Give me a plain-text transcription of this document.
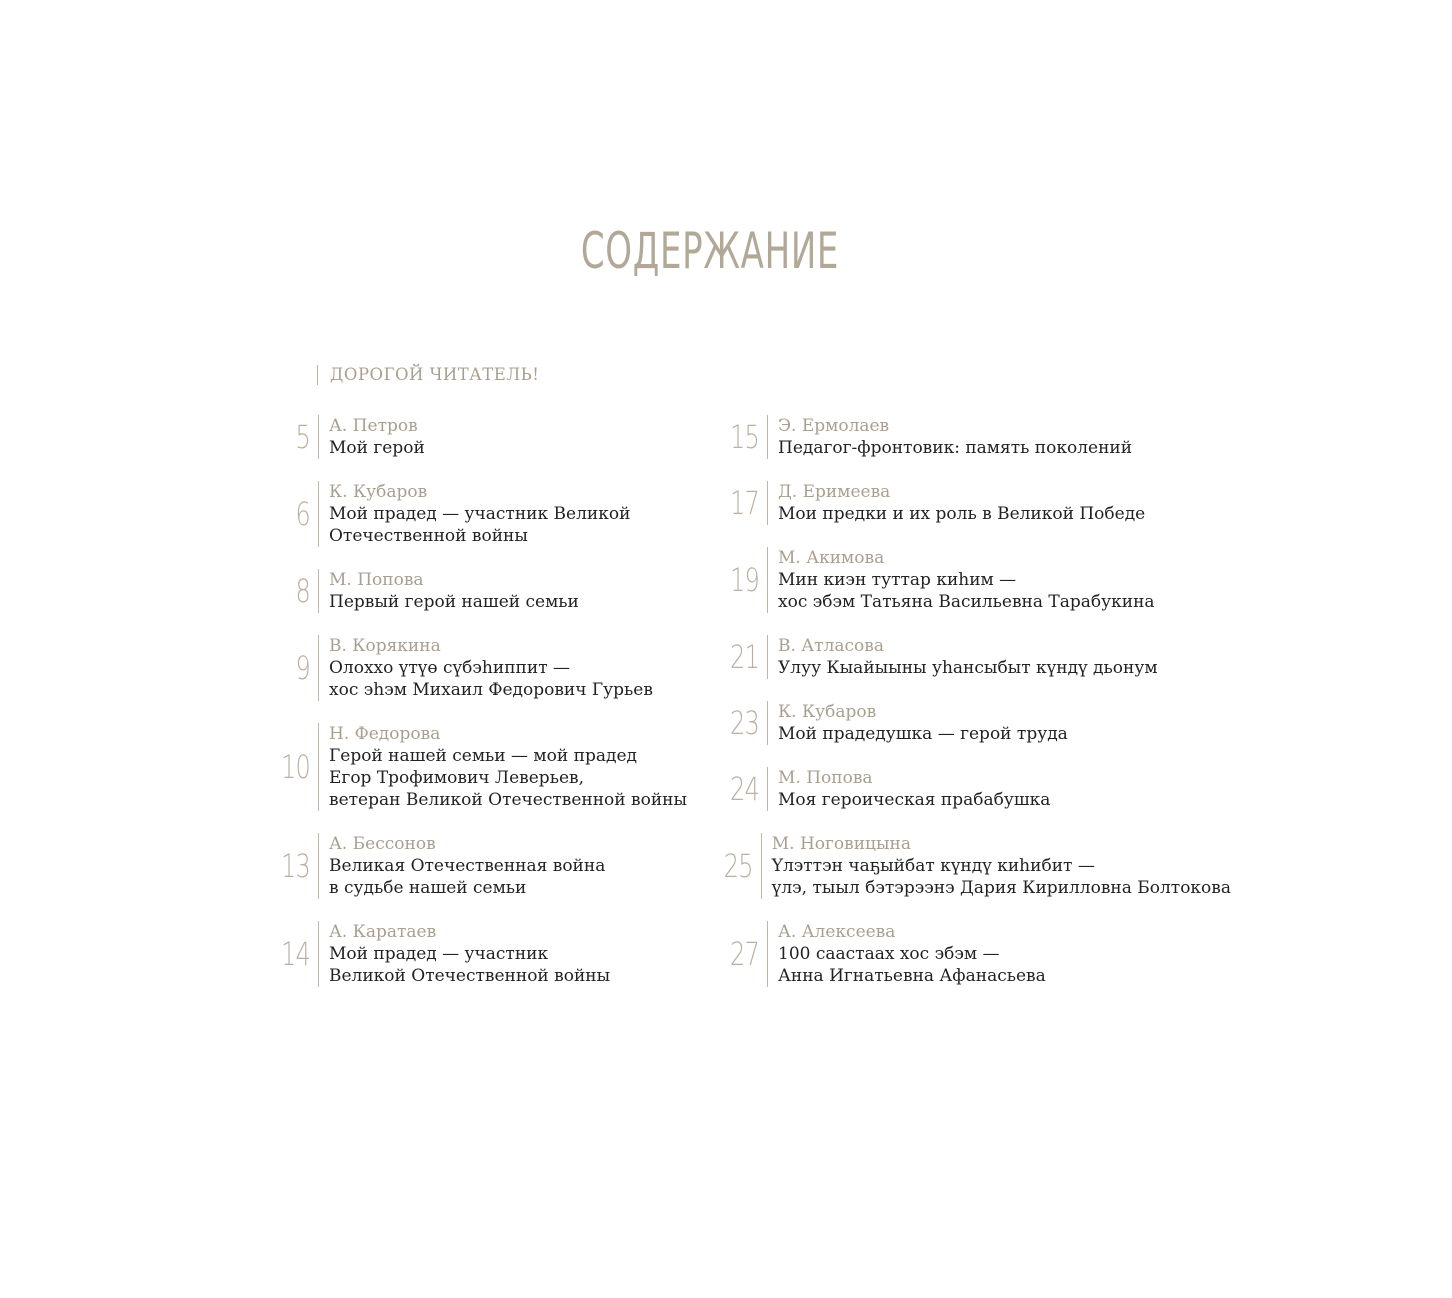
СОДЕРЖАНИЕ
ДОРОГОЙ ЧИТАТЕЛЬ!
5 А. Петров
Мой герой
6
К. Кубаров
Мой прадед — участник Великой
Отечественной войны
8 М. Попова
Первый герой нашей семьи
9
В. Корякина
Олоххо үтүө сүбэһиппит —
хос эһэм Михаил Федорович Гурьев
10
Н. Федорова
Герой нашей семьи — мой прадед
Егор Трофимович Леверьев,
ветеран Великой Отечественной войны
13
А. Бессонов
Великая Отечественная война
в судьбе нашей семьи
14
А. Каратаев
Мой прадед — участник
Великой Отечественной войны
15 Э. Ермолаев
Педагог-фронтовик: память поколений
17 Д. Еримеева
Мои предки и их роль в Великой Победе
19
М. Акимова
Мин киэн туттар киһим —
хос эбэм Татьяна Васильевна Тарабукина
21 В. Атласова
Улуу Кыайыыны уһансыбыт күндү дьонум
23 К. Кубаров
Мой прадедушка — герой труда
24 М. Попова
Моя героическая прабабушка
25
М. Ноговицына
Үлэттэн чаҕыйбат күндү киһибит —
үлэ, тыыл бэтэрээнэ Дария Кирилловна Болтокова
27
А. Алексеева
100 саастаах хос эбэм —
Анна Игнатьевна Афанасьева
